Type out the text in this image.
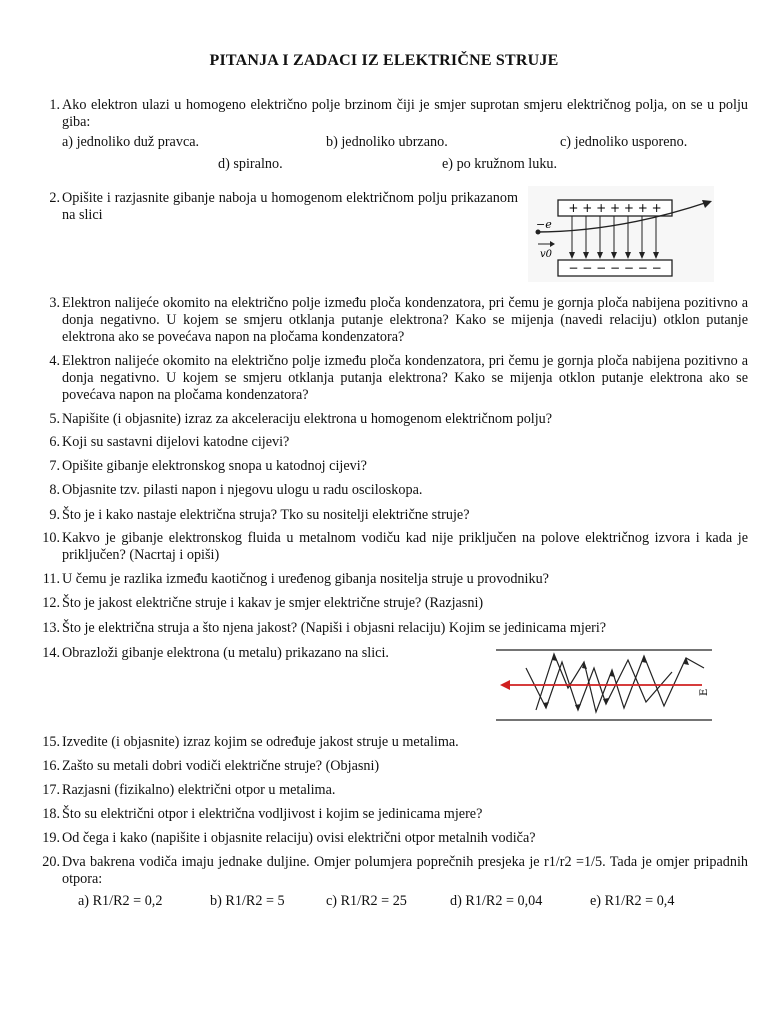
PITANJA I ZADACI IZ ELEKTRIČNE STRUJE
1. Ako elektron ulazi u homogeno električno polje brzinom čiji je smjer suprotan smjeru električnog polja, on se u polju giba:
a) jednoliko duž pravca.	b) jednoliko ubrzano.	c) jednoliko usporeno.
d) spiralno.	e) po kružnom luku.
2. Opišite i razjasnite gibanje naboja u homogenom električnom polju prikazanom na slici	+ + + + + + +
− − − − − − −
−e
v0
3. Elektron nalijeće okomito na električno polje između ploča kondenzatora, pri čemu je gornja ploča nabijena pozitivno a donja negativno. U kojem se smjeru otklanja putanje elektrona? Kako se mijenja (navedi relaciju) otklon putanje elektrona ako se povećava napon na pločama kondenzatora?
4. Elektron nalijeće okomito na električno polje između ploča kondenzatora, pri čemu je gornja ploča nabijena pozitivno a donja negativno. U kojem se smjeru otklanja putanja elektrona? Kako se mijenja otklon putanje elektrona ako se povećava napon na pločama kondenzatora?
5. Napišite (i objasnite) izraz za akceleraciju elektrona u homogenom električnom polju?
6. Koji su sastavni dijelovi katodne cijevi?
7. Opišite gibanje elektronskog snopa u katodnoj cijevi?
8. Objasnite tzv. pilasti napon i njegovu ulogu u radu osciloskopa.
9. Što je i kako nastaje električna struja? Tko su nositelji električne struje?
10. Kakvo je gibanje elektronskog fluida u metalnom vodiču kad nije priključen na polove električnog izvora i kada je priključen? (Nacrtaj i opiši)
11. U čemu je razlika između kaotičnog i uređenog gibanja nositelja struje u provodniku?
12. Što je jakost električne struje i kakav je smjer električne struje? (Razjasni)
13. Što je električna struja a što njena jakost? (Napiši i objasni relaciju) Kojim se jedinicama mjeri?
14. Obrazloži gibanje elektrona (u metalu) prikazano na slici.
E
15. Izvedite (i objasnite) izraz kojim se određuje jakost struje u metalima.
16. Zašto su metali dobri vodiči električne struje? (Objasni)
17. Razjasni (fizikalno) električni otpor u metalima.
18. Što su električni otpor i električna vodljivost i kojim se jedinicama mjere?
19. Od čega i kako (napišite i objasnite relaciju) ovisi električni otpor metalnih vodiča?
20. Dva bakrena vodiča imaju jednake duljine. Omjer polumjera poprečnih presjeka je r1/r2 =1/5. Tada je omjer pripadnih otpora:
a) R1/R2 = 0,2	b) R1/R2 = 5	c) R1/R2 = 25	d) R1/R2 = 0,04	e) R1/R2 = 0,4
